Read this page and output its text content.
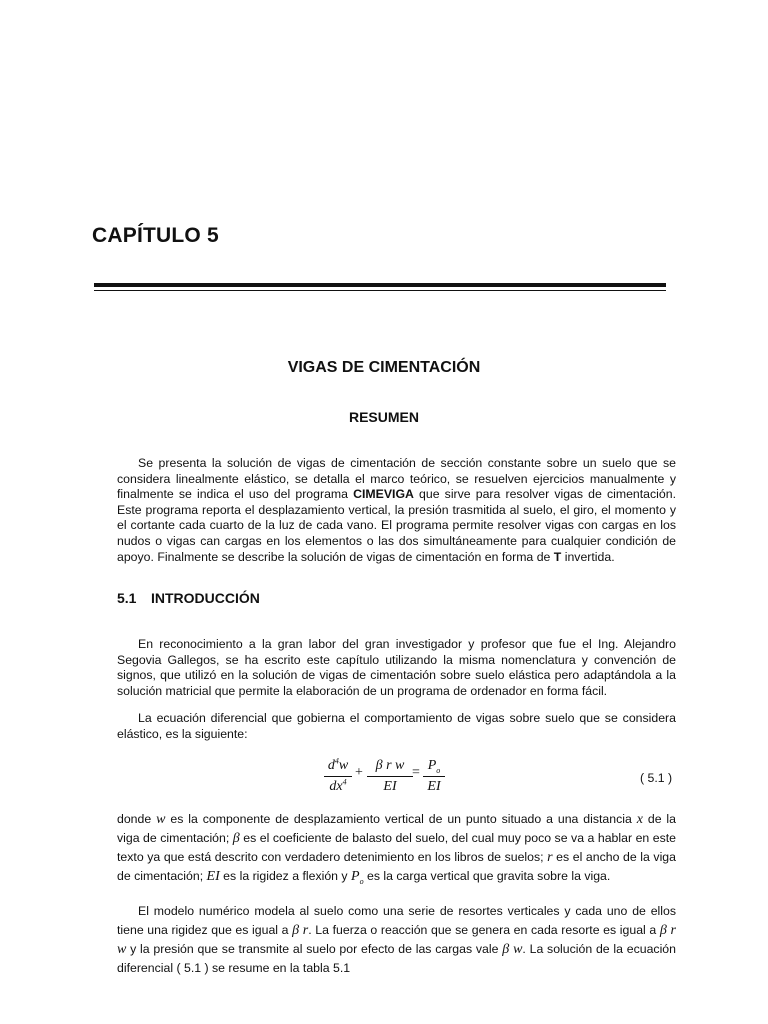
CAPÍTULO 5
VIGAS DE CIMENTACIÓN
RESUMEN

Se presenta la solución de vigas de cimentación de sección constante sobre un suelo que se considera linealmente elástico, se detalla el marco teórico, se resuelven ejercicios manualmente y finalmente se indica el uso del programa CIMEVIGA que sirve para resolver vigas de cimentación. Este programa reporta el desplazamiento vertical, la presión trasmitida al suelo, el giro, el momento y el cortante cada cuarto de la luz de cada vano. El programa permite resolver vigas con cargas en los nudos o vigas can cargas en los elementos o las dos simultáneamente para cualquier condición de apoyo. Finalmente se describe la solución de vigas de cimentación en forma de T invertida.

5.1 INTRODUCCIÓN

En reconocimiento a la gran labor del gran investigador y profesor que fue el Ing. Alejandro Segovia Gallegos, se ha escrito este capítulo utilizando la misma nomenclatura y convención de signos, que utilizó en la solución de vigas de cimentación sobre suelo elástica pero adaptándola a la solución matricial que permite la elaboración de un programa de ordenador en forma fácil.

La ecuación diferencial que gobierna el comportamiento de vigas sobre suelo que se considera elástico, es la siguiente:

$d^4w$
$dx^4$
+ β r w
EI
= $P_o$
EI
( 5.1 )

donde w es la componente de desplazamiento vertical de un punto situado a una distancia x de la viga de cimentación; β es el coeficiente de balasto del suelo, del cual muy poco se va a hablar en este texto ya que está descrito con verdadero detenimiento en los libros de suelos; r es el ancho de la viga de cimentación; EI es la rigidez a flexión y $P_o$ es la carga vertical que gravita sobre la viga.

El modelo numérico modela al suelo como una serie de resortes verticales y cada uno de ellos tiene una rigidez que es igual a β r. La fuerza o reacción que se genera en cada resorte es igual a β r w y la presión que se transmite al suelo por efecto de las cargas vale β w. La solución de la ecuación diferencial ( 5.1 ) se resume en la tabla 5.1
